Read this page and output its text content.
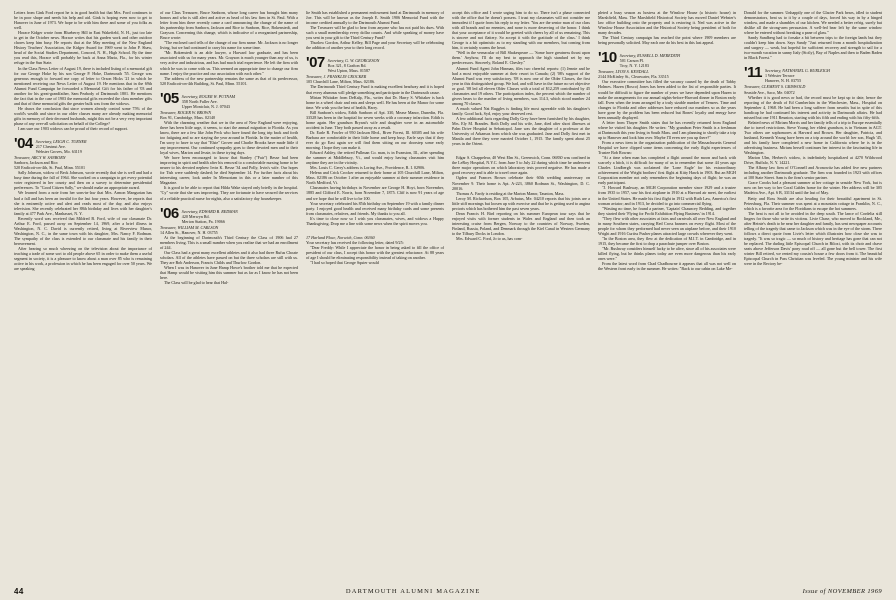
Letters from Gink Ford report he is in good health but that Mrs. Ford continues to be in poor shape and needs his help and aid. Gink is hoping even now to get to Hanover in June of 1973. We hope to be with him there and some of you folks as well.

Horace Kidger wrote from Blueberry Hill in East Wakefield, N. H., just too late to get in the October news. Horace writes that his garden work and other outdoor chores keep him busy. He reports that at the May meeting of the New England History Teachers' Association, the Kidger Award for 1969 went to John P. Shaw, head of the Social Studies Department, Concord, N. H., High School. By the time you read this, Horace will probably be back at Anna Maria, Fla., for his winter refuge in the Sun State.

In the Class News Letter of August 19, there is included listing of a memorial gift for our George Hoke by his son George P. Hoke, Dartmouth '55. George was generous enough to forward me copy of letter to Orson Hicks '21 in which he mentioned receiving our News Letter of August 19. He mentions that in the 69th Alumni Fund Campaign he forwarded a Memorial Gift for his father of '03 and another for his great-grandfather, Sam Peabody of Dartmouth 1801. He mentions the fact that in the case of 1903 the memorial gifts exceeded the class member gifts and that of these memorial gifts the greater bulk was from the widows.

He draws the conclusion that since women already control some 75% of the world's wealth and since in our older classes many are already making memorial gifts in memory of their deceased husbands, might this not be a very very important phase of any over-all solicitation on behalf of the College?

I am sure our 1903 widows can be proud of their record of support.

'04 Secretary, LEIGH C. TURNER
217 Chestnut Ave.
Webster Groves, Mo. 63119

Treasurer, ARCY W. SANBORN

Sanborn, Jackson and Ricc

520 Endicott-on-4th, St. Paul, Minn. 55101

Sally Johnson, widow of Beck Johnson, wrote recently that she is well and had a busy time during the fall of 1964. She worked on a campaign to get every potential voter registered in her county and then on a survey to determine presidential preferences. To "Good Citizen Sally," we should make an appropriate award.

We learned from a note from her sons-in-law that Mrs. Armon Mangurian has had a fall and has been an invalid for the last four years. However, he reports that she is eminently active and alert and reads most of the day, and also enjoys television. She recently celebrated her 88th birthday and lives with her daughter's family at 477 Park Ave., Manhasset, N. Y.

Recently word was received that Mildred B. Ford, wife of our classmate Dr. Arthur E. Ford, passed away on September 14, 1969, after a brief illness in Washington, N. C. David is currently retired, living at Riverview Manor, Washington, N. C., in the same town with his daughter, Mrs. Nancy F. Rodman. The sympathy of the class is extended to our classmate and his family in their bereavement.

After hearing so much wheezing on the television about the importance of teaching a trade of some sort to old people above 65 in order to make them a useful segment in society, it is a pleasure to know about a man over 85 who is remaining active in his work, a profession in which he has been engaged for over 50 years. We are speaking

of our Class Treasurer, Bruce Sanborn, whose long career has brought him many honors and who is still alert and active as head of his law firm in St. Paul. With a letter from him there recently came a card announcing the change of the name of his partnership from Sanborn, Jackson and Rice to Sanborn, Rice, Bokenstedt, and Grayson. Concerning this change, which is indicative of a reorganized partnership, Bruce wrote:

"The enclosed card tells of the change of our firm name. Mr. Jackson is no longer living, but we had continued to carry his name for some time.

"Mr. Bokenstedt is an able lawyer, a Harvard law graduate, and has been associated with us for many years. Mr. Grayson is much younger than any of us, is very active and industrious, and has had much trial experience. He left the firm with which he was to come with us. This seemed an appropriate time to change our firm name. I enjoy the practice and our association with each other."

The address of the new partnership remains the same as that of its predecessor, 520 Endicott-on-4th Building, St. Paul, Minn. 55101.

'05 Secretary, ROGER W. PUTNAM
358 North Fuller Ave.
Upper Montclair, N. J. 07043

Treasurer, ROGER W. BROWN

Box 91, Cambridge, Mass. 02140

With the charming weather that we in the area of New England were enjoying, there has been little urge, it seems, to start the annual migration to Florida. As you know, there are a few like John Peck who have found the long trip back and forth too fatiguing and so are staying the year around in Florida. In the matter of health, I'm sorry to have to say that "Elsie" Grover and Charlie Brooks have made little if any improvement. Our continued sympathy goes to these devoted men and to their loyal wives, Marion and Jessie, in these trying days.

We have been encouraged to know that Stanley ("Fair") Besse had been improving in spirit and health after his removal to a comfortable nursing home to be nearer to his devoted nephew Irvin K. Besse '34 and Polly, Irvin's wife. Our hopes for Tish were suddenly dashed; he died September 14. For further facts about his interesting career, look under In Memoriam in this or a later number of this Magazine.

It is good to be able to report that Hilda Wake stayed only briefly in the hospital. "Cy" wrote that she was improving. They are fortunate to have secured the services of a reliable practical nurse for nights, also a satisfactory day housekeeper.

'06 Secretary, EDWARD B. REDMAN
420 Merwyn Rd.
Merion Station, Pa. 19066

Treasurer, WILLIAM M. CARLSON

14 Allen St., Hanover, N. H. 03755

At the beginning of Dartmouth's Third Century the Class of 1906 had 27 members living. This is a small number when you realize that we had an enrollment of 244.

Our Class had a great many excellent athletes and it also had three Rufus Choate scholars. All of the athletes have passed on but the three scholars are still with us. They are Bob Anderson, Francis Childs and Thurlow Gordon.

When I was in Hanover in June Hamp Howe's brother told me that he expected that Hamp would be visiting him this summer but as far as I know he has not been here.

The Class will be glad to hear that Hal-

lie Smith has established a permanent endowment fund at Dartmouth in memory of Joe. This will be known as the Joseph E. Smith 1906 Memorial Fund with the income credited annually to the Dartmouth Alumni Fund.

The Treasurer will be glad to hear from anyone who has not paid his dues. With such a small membership every dollar counts. And while speaking of money have you sent in your gift to the Third Century Fund?

Thurlow Gordon, Arthur Kelley, Bill Page and your Secretary will be celebrating the addition of another year to their long record.

'07 Secretary, G. W. GEORGESON
Box 321, 8 Grafton Rd.
West Upton, Mass. 01587

Treasurer, J. FRANKLIN CROCKER

105 Churchill Lane, Milton, Mass. 02186.

The Dartmouth Third Century Fund is making excellent headway and it is hoped that every alumnus will pledge something and participate in the Dartmouth cause.

Mirian Whitaker from DeKalp, Fla., writes that Dr. Harry S. Whitaker is back home in a wheel chair and eats and sleeps well. He has been at the Manor for some time. We wish you the best of health, Harry.

Bill Sanborn's widow, Edith Sanborn of Apt. 330, Mease Manor, Dunedin, Fla. 33528 has been in the hospital for seven weeks with a coronary infarction. Edith is home again. Her grandson Bryant's wife and daughter were in an automobile accident in June. They both passed away as a result.

Dr. Earle R. Fowler of 950 Jackson Blvd., River Forest, Ill. 60305 and his wife Barbara are comfortable in their little home and keep busy. Earle says that if they ever do go East again we will find them sitting on our doorstep some early morning. I hope they can make it.

Edward Ashley, the retired Pullman Co. man, is in Evanston, Ill., after spending the summer at Middlebury, Vt., and would enjoy having classmates visit him anytime they are in the vicinity.

Mrs. Louis C. Gerry's address is Loring Ave., Providence, R. I. 02906.

Helena and Crick Crocker returned to their home at 105 Churchill Lane, Milton, Mass. 02186 on October 1 after an enjoyable summer at their summer residence in North Medford, Vt.

Classmates having birthdays in November are George H. Hoyt, born November, 1885 and Clifford E. Norris, born November 7, 1875. Cliff is now 91 years of age and we hope that he will live to be 100.

Your secretary celebrated his 85th birthday on September 19 with a family dinner party. I enjoyed good health and received many birthday cards and some presents from classmates, relatives, and friends. My thanks to you all.

It's time to close now so I wish you classmates, wives, and widows a Happy Thanksgiving. Drop me a line with some news when the spirit moves you.

17 Harland Place, Norwich, Conn. 06360

Your secretary has received the following letter, dated 9/25:

"Dear Freddy: While I appreciate the honor in being asked to fill the office of president of our class, I accept this honor with the greatest reluctance. At 88 years of age I should be eliminating responsibility instead of taking on another.

"I had so hoped that George Squier would

accept this office and I wrote urging him to do so. There isn't a phase connected with the office that he doesn't possess. I trust my classmates will not consider me immodest if I quote from his reply to my letter. 'You are the senior man of our class with all brands and no enemies, and none is more deserving of the honor. I think that your acceptance of it would be greeted with cheers by all of us remaining. This is sincere and not flattery. So accept it with the gratitude of the class.' I think George is a bit optimistic as to my standing with our members, but coming from him, it certainly warms the heart.

"Well in the vernacular of Bill Shakespeare — 'Some have greatness thrust upon them.' Anyhow, I'll do my best to approach the high standard set by my predecessors. Sincerely, Roland E. Chesley."

Alumni Fund Agent John Hinman, files two cheerful reports: (1) Jennie and he had a most enjoyable summer at their resort in Canada; (2) '08's support of the Alumni Fund was very satisfactory. '08 is now one of the Older Classes, the first year in this distinguished group. We had, and will have in the future no set objective or goal. '08 led all eleven Older Classes with a total of $12,259 contributed by 45 classmates and 19 others. The participation index, the percent which the number of givers bears to the number of living members, was 114.3, which stood number 24 among 70 classes.

A much valued Nat Ruggles is finding life most agreeable with his daughter's family. Good luck, Syd, enjoy your deserved rest.

A few additional facts regarding Dolly Grey have been furnished by his daughter, Mrs. Ely M. Brandes. Both Dolly and his wife, Jane, died after short illnesses at Palm Drive Hospital in Sebastopol. Jane was the daughter of a professor at the University of Arkansas from which she was graduated. Jane and Dolly first met in Manila and there they were married October 1, 1915. The family spent about 25 years in the Orient.

Edgar S. Chappelear, 40 West Elm St., Greenwich, Conn. 06830 was confined in the LeRoy Hospital, N.Y.C. from June 5 to July 22 during which time he underwent three major operations on which laboratory tests proved negative. He has made a good recovery and is able to travel once again.

Ogden and Frances Brown celebrate their 60th wedding anniversary on November 9. Their home is Apt. A-223, 3860 Rodman St., Washington, D. C. 20016.

Thomas A. Fardy is residing at the Marion Manor, Taunton, Mass.

Leroy M. Richardson, Box 105, Arbutus, Me. 04210 reports that his joints are a little stiff mornings but loosen up with exercise and that he is getting used to angina pectoris which has bothered him the past seven years.

Dean Francis H. Bird reporting on his summer European tour says that he enjoyed visits with former students in Wales and England and then took an interesting cruise from Bergen, Norway to the countries of Norway, Sweden, Finland, Russia, Poland, and Denmark through the Kiel Canal in Western Germany to the Tilbury Docks in London.

Mrs. Edward C. Ford, Jo to us, has com-

pleted a busy season as hostess at the Winslow House (a historic house) in Marshfield, Mass. The Marshfield Historical Society has moved Daniel Webster's law office building onto the property and is restoring it. Ned was active in the Winslow House Association and the Historical Society being president of both for many decades.

The Third Century campaign has reached the point where 1909 members are being personally solicited. May each one do his best in this last appeal.

'10 Secretary, RUSSELL D. MEREDITH
501 Carson Pl.
Troy, N. Y. 12183

Treasurer, LYON S. KENDALL

2144 McKinley St., Clearwater, Fla. 33515

Our executive committee has filled the vacancy caused by the death of Tabby Holmes. Hazen (Bosco) Jones has been added to the list of responsible parties. It would be difficult to figure the number of years we have depended upon Hazen to make the arrangements for our annual nights-before-Harvard dinner in Boston early fall. Even when the team arranged by a truly sizable number of Tensers. Time and changes to Florida and other addresses have reduced our numbers so as the years have gone by the problem has been reduced but Bones' loyalty and energy have been annually displayed.

A letter from Thayer Smith states that he has recently returned from England where he visited his daughter. He writes: "My grandson Peter Smith is a freshman at Dartmouth this year living in South Mass. and I am planning to shortly take a trip up to Hanover and look him over. Maybe I'll even see you up there?"

From a news item in the organization publication of the Massachusetts General Hospital we have clipped some items concerning the early flight experiences of Trustee Bob Rowan:

"At a time when man has completed a flight around the moon and back with scarcely a hitch, it is difficult for many of us to remember that some 44 years ago Charles Lindbergh was acclaimed the 'Lone Eagle' for his extraordinary achievement of the Wright brothers' first flight at Kitty Hawk in 1903. But an MGH Corporation member not only remembers the beginning days of flight; he was an early participant.

"J. Howard Bushway, an MGH Corporation member since 1929 and a trustee from 1935 to 1957, saw his first airplane in 1910 at a Harvard air meet, the earliest in the United States. He made his first flight in 1912 with Ruth Law, America's first woman aviator; and in 1913, he decided to go into commercial flying.

"Wasting no time, he found a partner, 'Captain' Chauncey Redding, and together they started their 'Flying for Profit Exhibition Flying Business' in 1914.

"They flew with other associates at fairs and carnivals all over New England and in many Southern states, carrying Red Cross banners on every flight. Most of the people for whom they performed had never seen an airplane before, and their 1910 Wright and 1916 Curtiss Pusher planes attracted large crowds wherever they went.

"In the Boston area, they flew at the dedication of M.I.T. in Cambridge, and in 1915, they became the first to drop a parachute jumper over Boston.

"Mr. Bushway considers himself lucky to be alive, since all of his associates were killed flying, but he thinks planes today are even more dangerous than his early ones were."

From the latest word from Chad Chadbourne it appears that all was not well on the Western front early in the summer. He writes: "Back to our cabin on Lake Me-

Donald for the summer. Unhappily one of the Glacier Park bears, idled to student demonstrators, beat us to it by a couple of days, forced his way in by a hinged window, and made a shambles of our kitchen. We needed a better refrig. surely but dislike all the strong-arm persuasion. A well-fed bear left by the same window where he entered without breaking a pane of glass."

Sandy Sandberg had to forsake a bit between trips to the foreign lands but they couldn't keep him down. Says Sandy "Just returned from a month hospitalization and surgery — weak, but hopeful for sufficient recovery and strength to sail for a two-month vacation in sunny Italy (Sicily), Bay of Naples and then to Baden Baden in Black Forest."

'11 Secretary, NATHANIEL G. BURLEIGH
1 Webster Terrace
Hanover, N. H. 03755

Treasurer, CLEMENT S. GRISWOLD

Seaside Ave., Saco, Me. 04072

Whether it is good news or bad, the record must be kept up to date, hence the reporting of the death of Ed Cumberlain in the Winchester, Mass., Hospital on September 4, 1968. He had been a long sufferer from neuritis but in spite of this handicap he had continued his interest and activity in Dartmouth affairs. He had missed but one 1911 Reunion, starting with his fifth and ending with his fifty-fifth.

Belated news of Miriam Morris and her family tells of a trip to Europe essentially due to travel restrictions. Steve Young, her eldest grandson, is in Vietnam in AGT. Two others are sophomores at Harvard and Brown. Her daughter, Patricia, and husband, Kenneth Young have been on a trip around the world: her son, Hugh '45, and his family have completed a new home in California where he is in the advertising business. Miriam herself continues her interest in the fascinating life in Washington.

Marion Ulm, Herbert's widow, is indefinitely hospitalized at 4270 Wildwood Drive, Buffalo, N. Y. 14221.

The Albany law firm of O'Connell and Aronowitz has added five new partners including another Dartmouth graduate. The firm was founded in 1923 with offices at 100 State Street. Sam is the firm's senior partner.

Grace Crooks had a pleasant summer at her cottage in seaside New York, but is now on her way to her Coral Gables home for the winter. Her address will be 305 Madeira Ave., Apt. 6 B, 33134 until the last of May.

Betty and Ross Smith are also heading for their beautiful apartment in St. Petersburg, Fla. Their summer was spent at a mountain cottage in Franklin, N. C., which is a favorite area for the Floridians to escape the hot summers.

The heat is not all to be avoided in the deep south. The lance of Cordelia still lingers for those who write its victims. Livie Chase, who moved to Rockland, Me., after Heinie's death to be near her daughter and family, has sent newspaper accounts telling of the tragedy that came to Jackson which was in the eye of the storm. There follows a direct quote from Livie's letter which illustrates how close she was to tragedy. "It was so tragic — so much of history and heritage has gone that can not be replaced. The darling little Episcopal Church in Biloxi, with its choir and chave seats above Jefferson Davis' pony road off — all gone but the bell tower. The first winter Bill retired, we rented my cousin's house a few doors from it. The beautiful Episcopal Church in Pass Christian was leveled. The young minister and his wife were in the Rectory be-

44	DARTMOUTH ALUMNI MAGAZINE	Issue of NOVEMBER 1969
